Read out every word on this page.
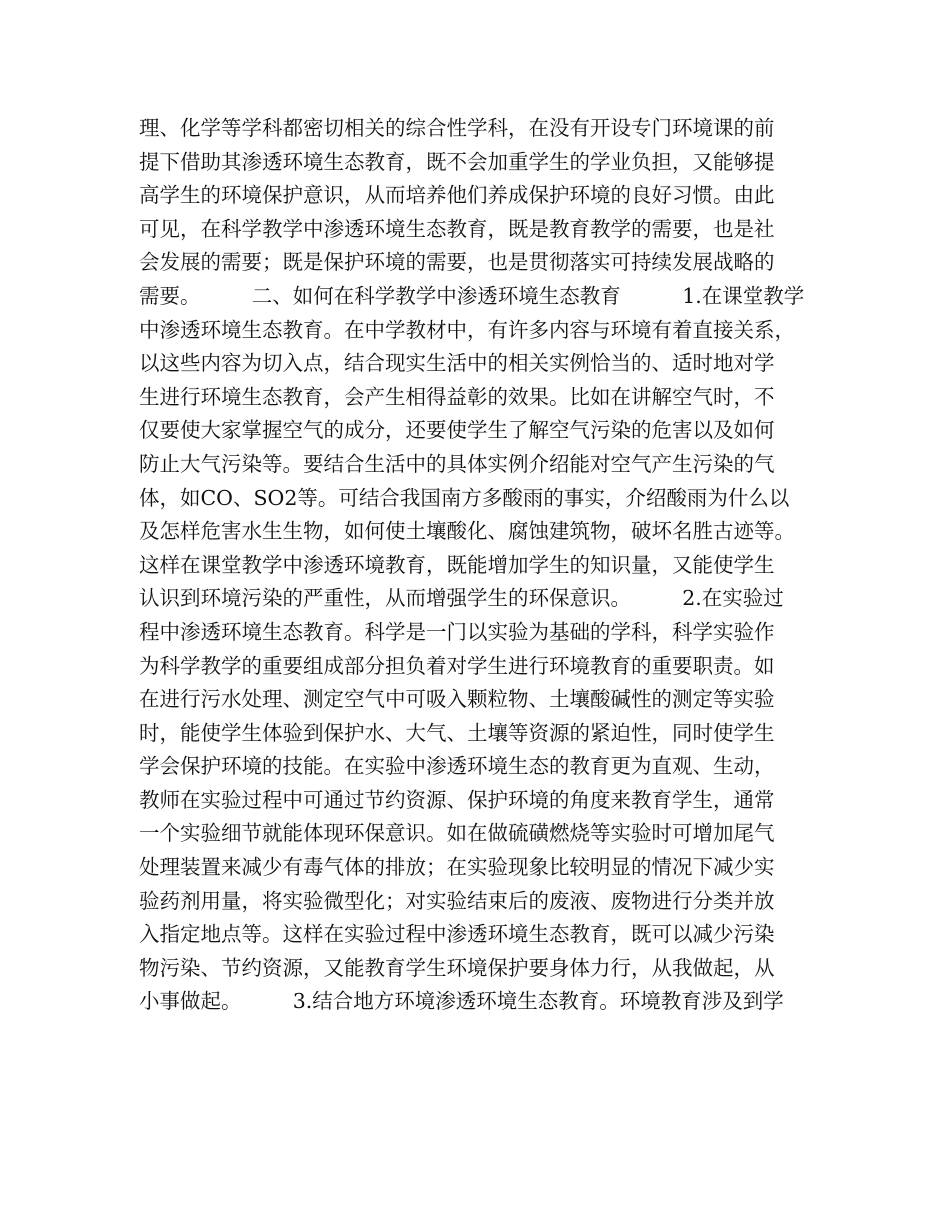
理、化学等学科都密切相关的综合性学科，在没有开设专门环境课的前
提下借助其渗透环境生态教育，既不会加重学生的学业负担，又能够提
高学生的环境保护意识，从而培养他们养成保护环境的良好习惯。由此
可见，在科学教学中渗透环境生态教育，既是教育教学的需要，也是社
会发展的需要；既是保护环境的需要，也是贯彻落实可持续发展战略的
需要。　　　二、如何在科学教学中渗透环境生态教育　　　1.在课堂教学
中渗透环境生态教育。在中学教材中，有许多内容与环境有着直接关系，
以这些内容为切入点，结合现实生活中的相关实例恰当的、适时地对学
生进行环境生态教育，会产生相得益彰的效果。比如在讲解空气时，不
仅要使大家掌握空气的成分，还要使学生了解空气污染的危害以及如何
防止大气污染等。要结合生活中的具体实例介绍能对空气产生污染的气
体，如CO、SO2等。可结合我国南方多酸雨的事实，介绍酸雨为什么以
及怎样危害水生生物，如何使土壤酸化、腐蚀建筑物，破坏名胜古迹等。
这样在课堂教学中渗透环境教育，既能增加学生的知识量，又能使学生
认识到环境污染的严重性，从而增强学生的环保意识。　　　2.在实验过
程中渗透环境生态教育。科学是一门以实验为基础的学科，科学实验作
为科学教学的重要组成部分担负着对学生进行环境教育的重要职责。如
在进行污水处理、测定空气中可吸入颗粒物、土壤酸碱性的测定等实验
时，能使学生体验到保护水、大气、土壤等资源的紧迫性，同时使学生
学会保护环境的技能。在实验中渗透环境生态的教育更为直观、生动，
教师在实验过程中可通过节约资源、保护环境的角度来教育学生，通常
一个实验细节就能体现环保意识。如在做硫磺燃烧等实验时可增加尾气
处理装置来减少有毒气体的排放；在实验现象比较明显的情况下减少实
验药剂用量，将实验微型化；对实验结束后的废液、废物进行分类并放
入指定地点等。这样在实验过程中渗透环境生态教育，既可以减少污染
物污染、节约资源，又能教育学生环境保护要身体力行，从我做起，从
小事做起。　　　3.结合地方环境渗透环境生态教育。环境教育涉及到学
